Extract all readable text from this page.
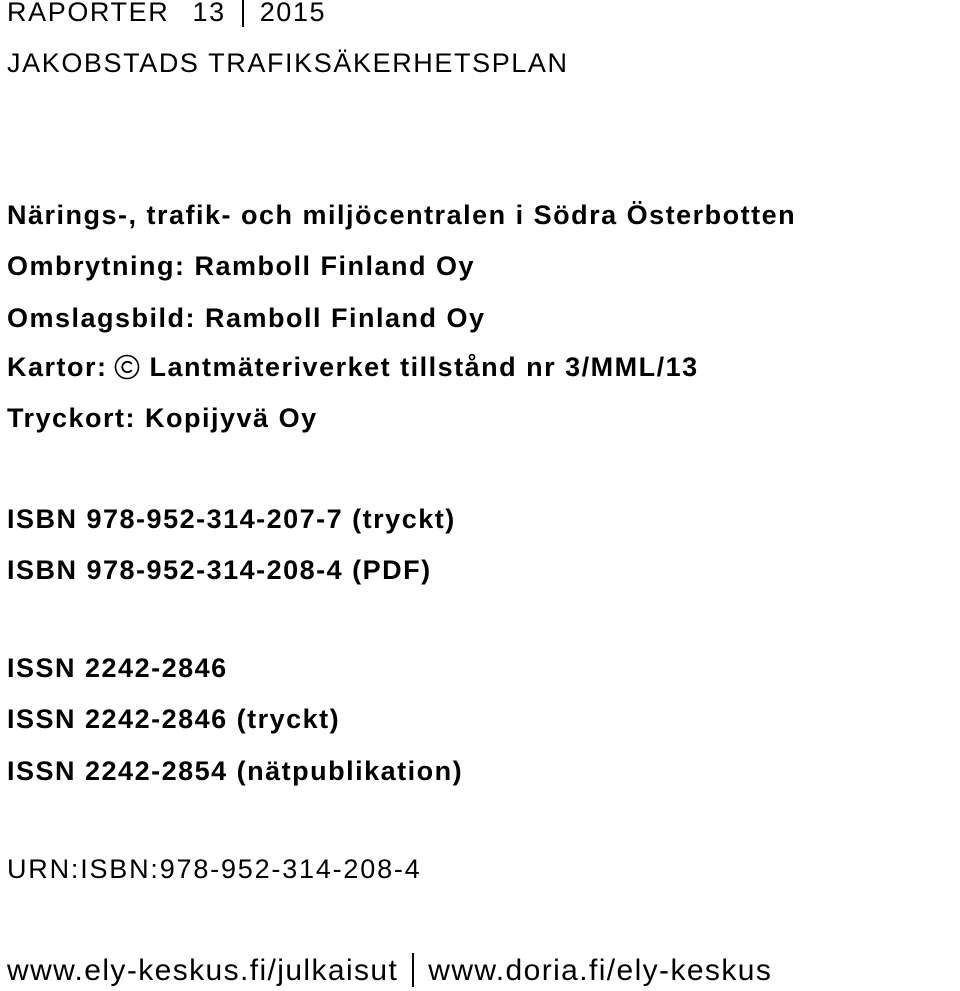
RAPORTER 13 2015
JAKOBSTADS TRAFIKSÄKERHETSPLAN
Närings-, trafik- och miljöcentralen i Södra Österbotten
Ombrytning: Ramboll Finland Oy
Omslagsbild: Ramboll Finland Oy
Kartor: Lantmäteriverket tillstånd nr 3/MML/13
Tryckort: Kopijyvä Oy
ISBN 978-952-314-207-7 (tryckt)
ISBN 978-952-314-208-4 (PDF)
ISSN 2242-2846
ISSN 2242-2846 (tryckt)
ISSN 2242-2854 (nätpublikation)
URN:ISBN:978-952-314-208-4
www.ely-keskus.fi/julkaisut www.doria.fi/ely-keskus
